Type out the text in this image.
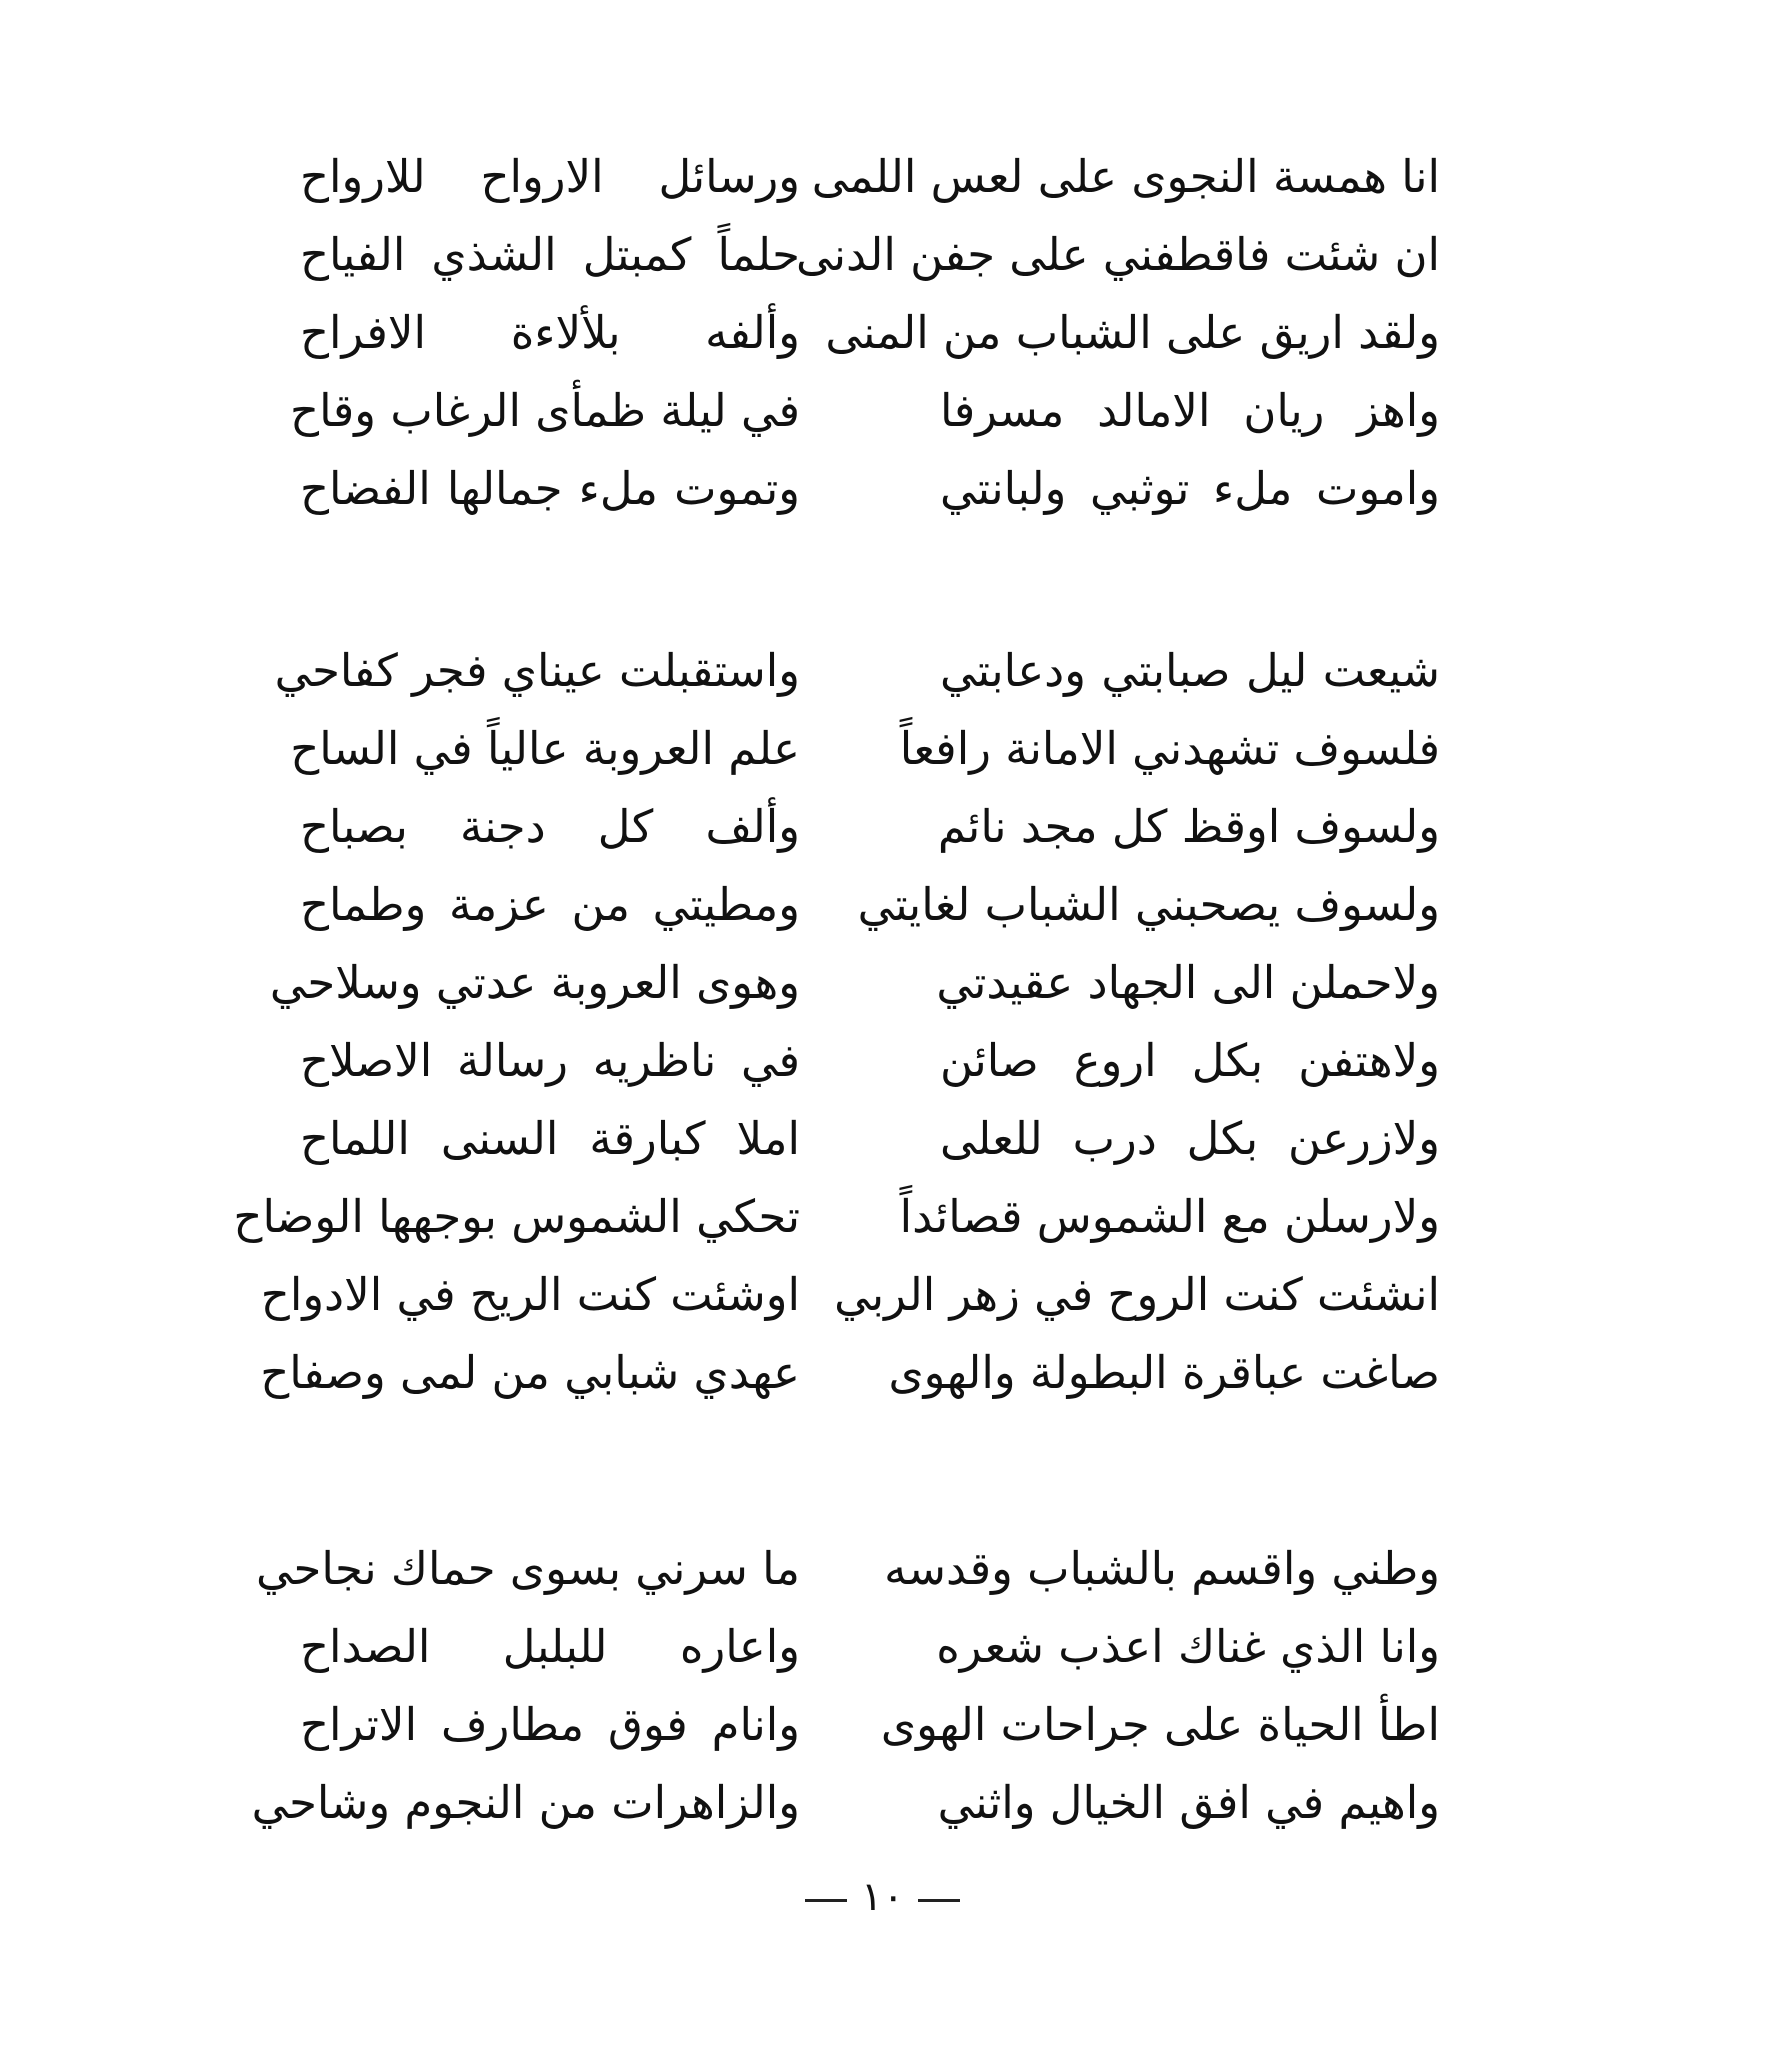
انا همسة النجوى على لعس اللمى
ورسائل الارواح للارواح
ان شئت فاقطفني على جفن الدنى
حلماً كمبتل الشذي الفياح
ولقد اريق على الشباب من المنى
وألفه بلألاءة الافراح
واهز ريان الامالد مسرفا
في ليلة ظمأى الرغاب وقاح
واموت ملء توثبي ولبانتي
وتموت ملء جمالها الفضاح
شيعت ليل صبابتي ودعابتي
واستقبلت عيناي فجر كفاحي
فلسوف تشهدني الامانة رافعاً
علم العروبة عالياً في الساح
ولسوف اوقظ كل مجد نائم
وألف كل دجنة بصباح
ولسوف يصحبني الشباب لغايتي
ومطيتي من عزمة وطماح
ولاحملن الى الجهاد عقيدتي
وهوى العروبة عدتي وسلاحي
ولاهتفن بكل اروع صائن
في ناظريه رسالة الاصلاح
ولازرعن بكل درب للعلى
املا كبارقة السنى اللماح
ولارسلن مع الشموس قصائداً
تحكي الشموس بوجهها الوضاح
انشئت كنت الروح في زهر الربي
اوشئت كنت الريح في الادواح
صاغت عباقرة البطولة والهوى
عهدي شبابي من لمى وصفاح
وطني واقسم بالشباب وقدسه
ما سرني بسوى حماك نجاحي
وانا الذي غناك اعذب شعره
واعاره للبلبل الصداح
اطأ الحياة على جراحات الهوى
وانام فوق مطارف الاتراح
واهيم في افق الخيال واثني
والزاهرات من النجوم وشاحي
١٠
